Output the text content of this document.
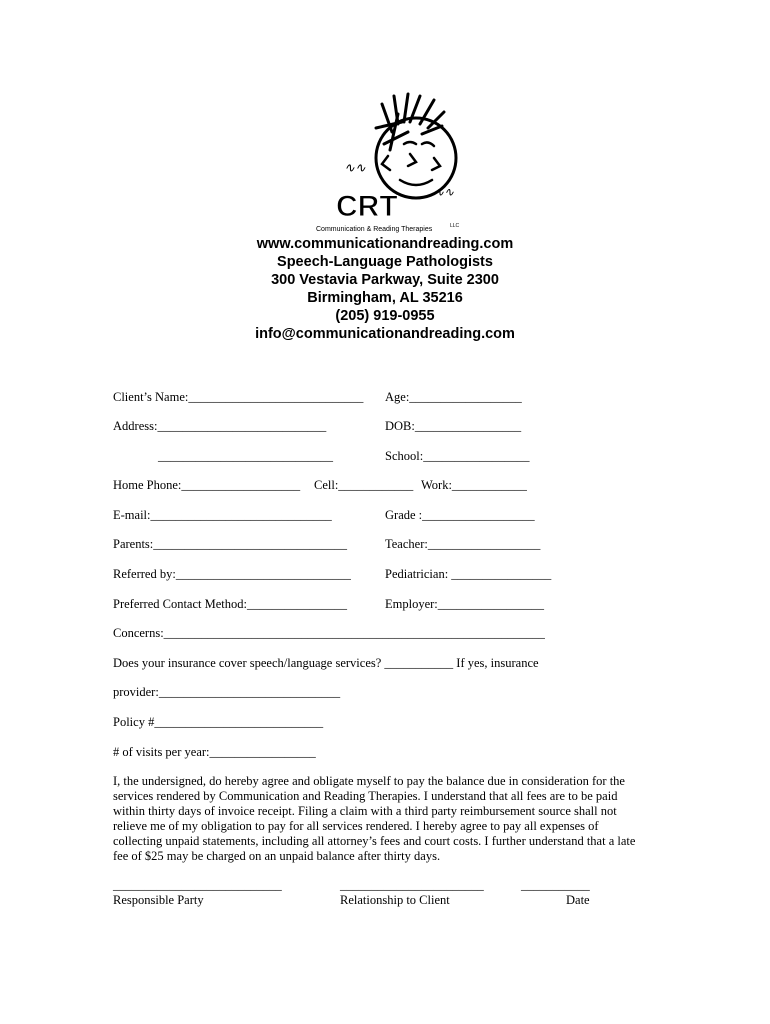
∿∿
∿∿
CRT
Communication & Reading Therapies	LLC
www.communicationandreading.com
Speech-Language Pathologists
300 Vestavia Parkway, Suite 2300
Birmingham, AL 35216
(205) 919-0955
info@communicationandreading.com
Client’s Name:____________________________ Age:__________________
Address:___________________________	DOB:_________________
____________________________	School:_________________
Home Phone:___________________ Cell:____________ Work:____________
E-mail:_____________________________	Grade :__________________
Parents:_______________________________	Teacher:__________________
Referred by:____________________________	Pediatrician: ________________
Preferred Contact Method:________________	Employer:_________________
Concerns:_____________________________________________________________
Does your insurance cover speech/language services? ___________ If yes, insurance
provider:_____________________________
Policy #___________________________
# of visits per year:_________________
I, the undersigned, do hereby agree and obligate myself to pay the balance due in consideration for the
services rendered by Communication and Reading Therapies. I understand that all fees are to be paid
within thirty days of invoice receipt. Filing a claim with a third party reimbursement source shall not
relieve me of my obligation to pay for all services rendered. I hereby agree to pay all expenses of
collecting unpaid statements, including all attorney’s fees and court costs. I further understand that a late
fee of $25 may be charged on an unpaid balance after thirty days.
___________________________	_______________________	___________
Responsible Party	Relationship to Client	Date
